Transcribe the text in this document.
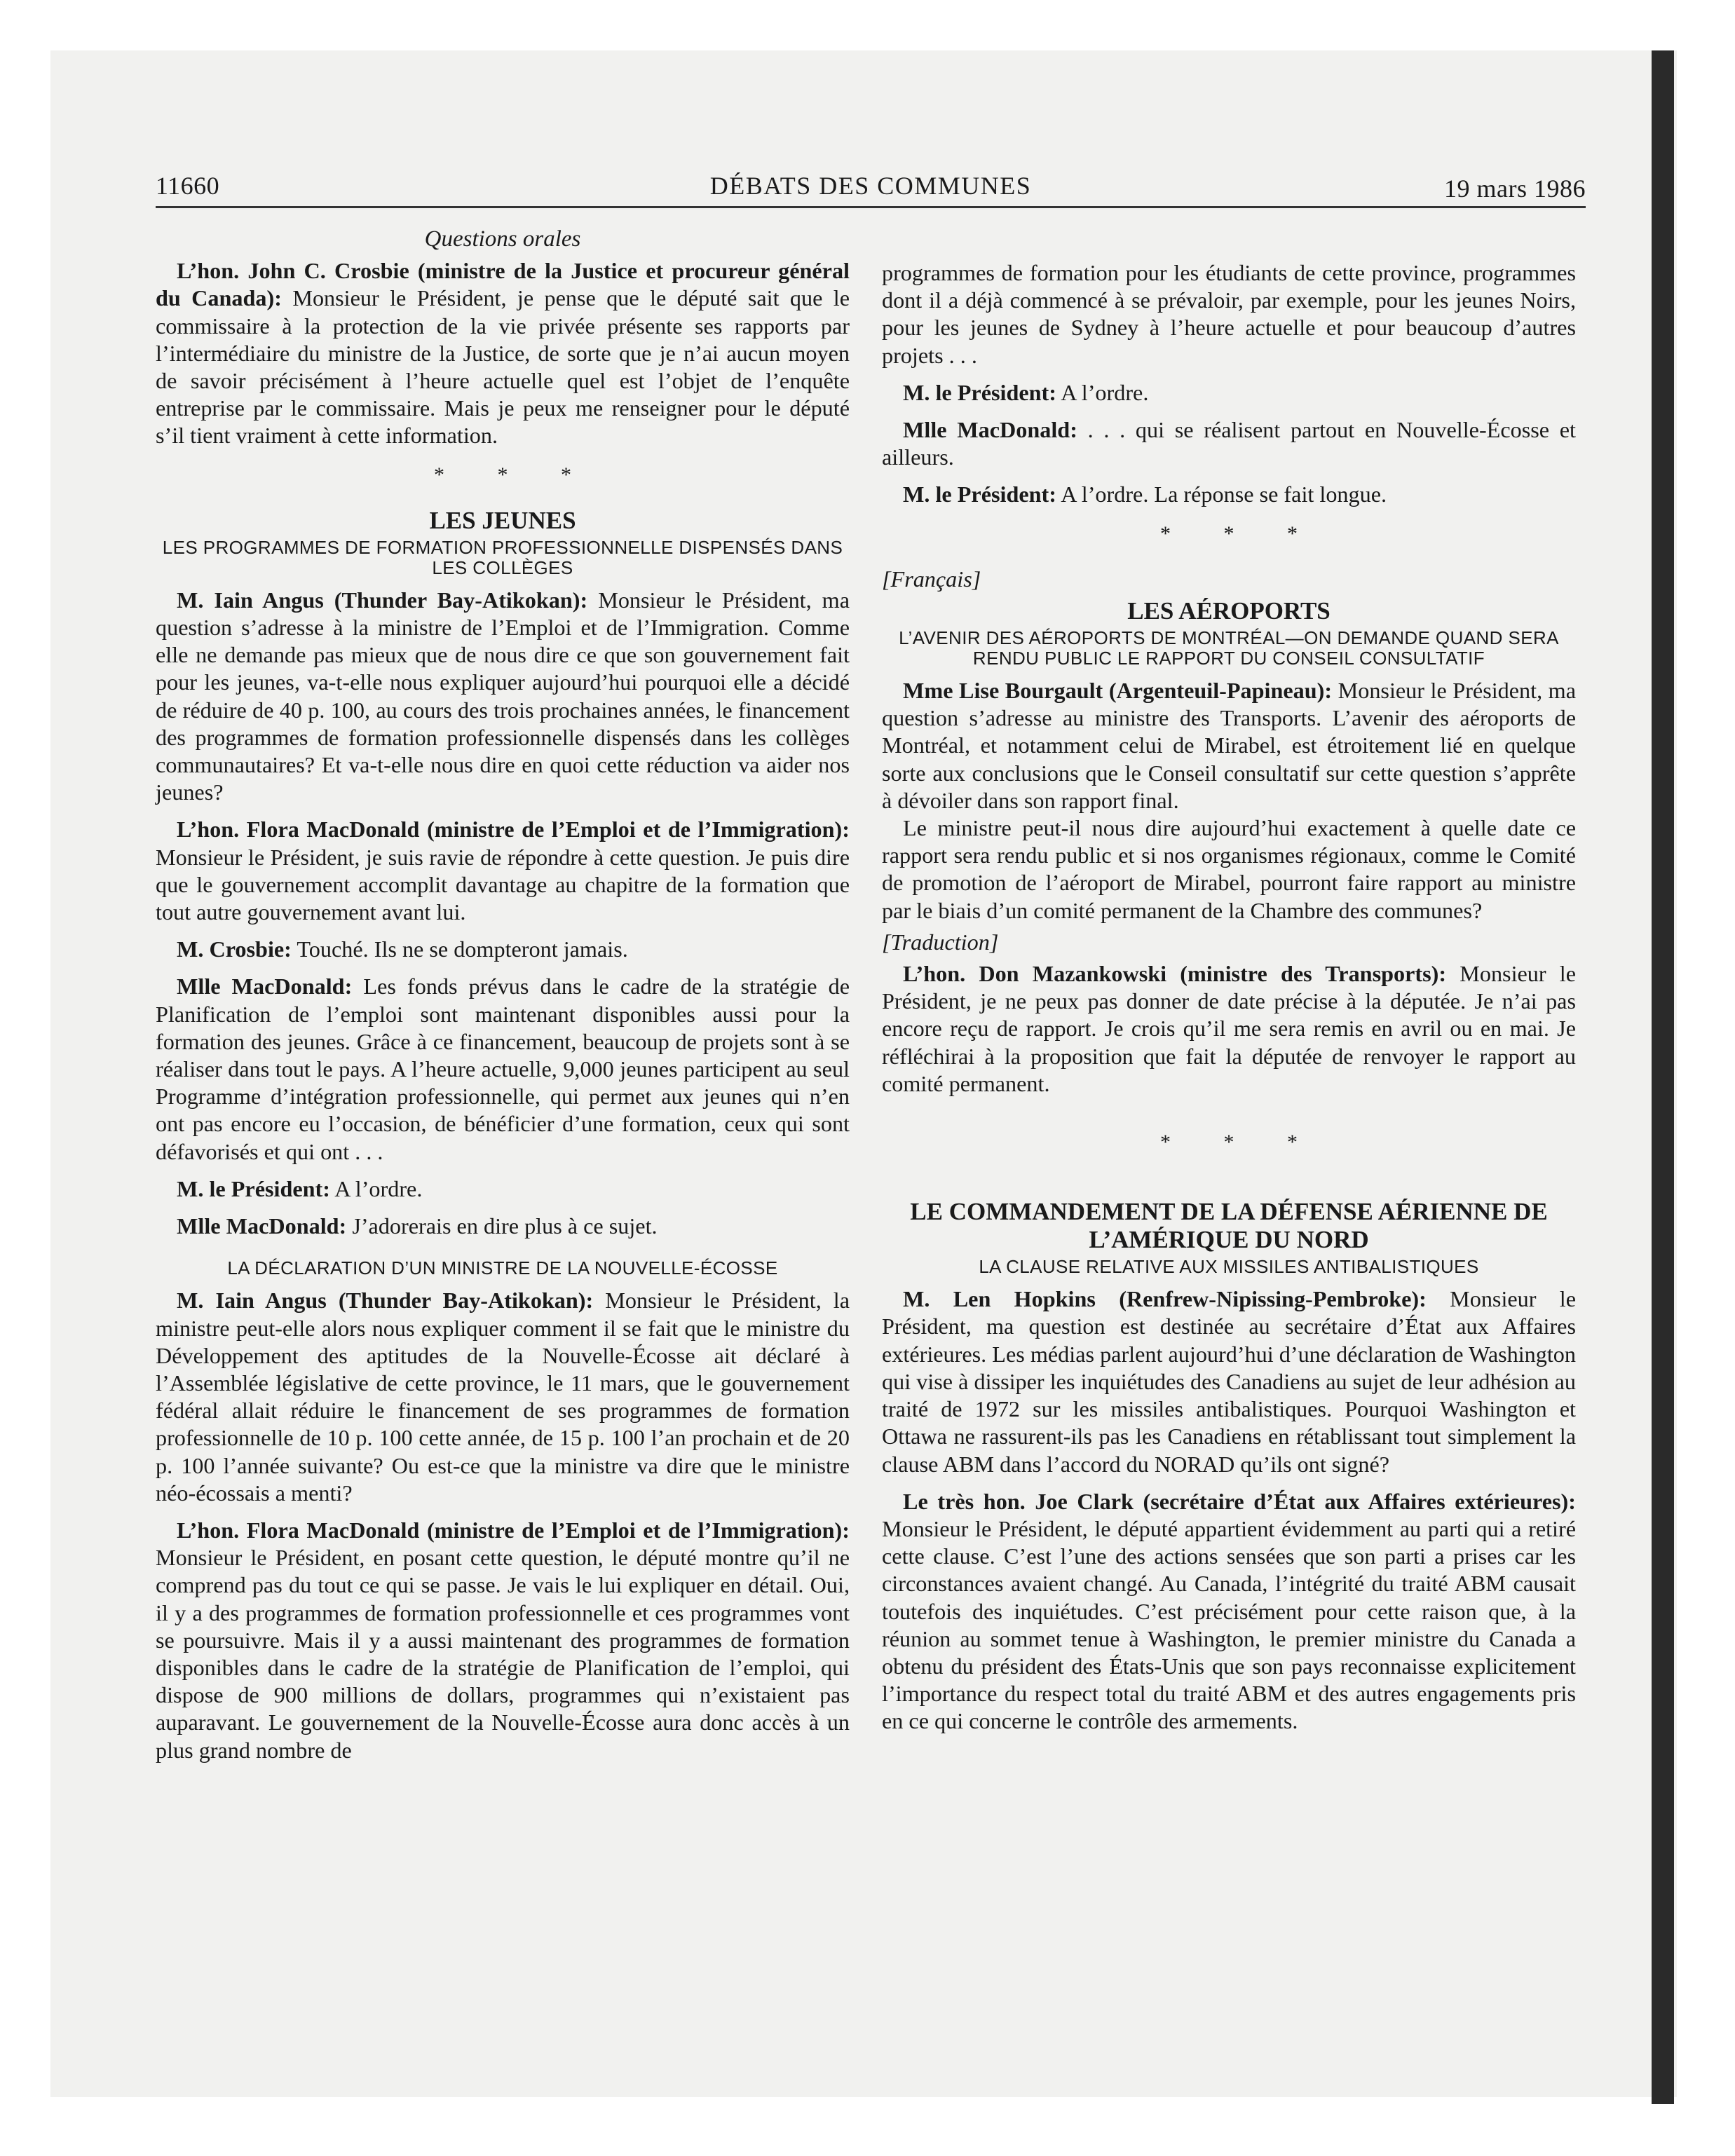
11660	DÉBATS DES COMMUNES	19 mars 1986
Questions orales

L’hon. John C. Crosbie (ministre de la Justice et procureur général du Canada): Monsieur le Président, je pense que le député sait que le commissaire à la protection de la vie privée présente ses rapports par l’intermédiaire du ministre de la Justice, de sorte que je n’ai aucun moyen de savoir précisément à l’heure actuelle quel est l’objet de l’enquête entreprise par le commissaire. Mais je peux me renseigner pour le député s’il tient vraiment à cette information.

* * *
LES JEUNES
LES PROGRAMMES DE FORMATION PROFESSIONNELLE DISPENSÉS DANS LES COLLÈGES

M. Iain Angus (Thunder Bay-Atikokan): Monsieur le Président, ma question s’adresse à la ministre de l’Emploi et de l’Immigration. Comme elle ne demande pas mieux que de nous dire ce que son gouvernement fait pour les jeunes, va-t-elle nous expliquer aujourd’hui pourquoi elle a décidé de réduire de 40 p. 100, au cours des trois prochaines années, le financement des programmes de formation professionnelle dispensés dans les collèges communautaires? Et va-t-elle nous dire en quoi cette réduction va aider nos jeunes?

L’hon. Flora MacDonald (ministre de l’Emploi et de l’Immigration): Monsieur le Président, je suis ravie de répondre à cette question. Je puis dire que le gouvernement accomplit davantage au chapitre de la formation que tout autre gouvernement avant lui.

M. Crosbie: Touché. Ils ne se dompteront jamais.

Mlle MacDonald: Les fonds prévus dans le cadre de la stratégie de Planification de l’emploi sont maintenant disponibles aussi pour la formation des jeunes. Grâce à ce financement, beaucoup de projets sont à se réaliser dans tout le pays. A l’heure actuelle, 9,000 jeunes participent au seul Programme d’intégration professionnelle, qui permet aux jeunes qui n’en ont pas encore eu l’occasion, de bénéficier d’une formation, ceux qui sont défavorisés et qui ont . . .

M. le Président: A l’ordre.

Mlle MacDonald: J’adorerais en dire plus à ce sujet.

LA DÉCLARATION D’UN MINISTRE DE LA NOUVELLE-ÉCOSSE

M. Iain Angus (Thunder Bay-Atikokan): Monsieur le Président, la ministre peut-elle alors nous expliquer comment il se fait que le ministre du Développement des aptitudes de la Nouvelle-Écosse ait déclaré à l’Assemblée législative de cette province, le 11 mars, que le gouvernement fédéral allait réduire le financement de ses programmes de formation professionnelle de 10 p. 100 cette année, de 15 p. 100 l’an prochain et de 20 p. 100 l’année suivante? Ou est-ce que la ministre va dire que le ministre néo-écossais a menti?

L’hon. Flora MacDonald (ministre de l’Emploi et de l’Immigration): Monsieur le Président, en posant cette question, le député montre qu’il ne comprend pas du tout ce qui se passe. Je vais le lui expliquer en détail. Oui, il y a des programmes de formation professionnelle et ces programmes vont se poursuivre. Mais il y a aussi maintenant des programmes de formation disponibles dans le cadre de la stratégie de Planification de l’emploi, qui dispose de 900 millions de dollars, programmes qui n’existaient pas auparavant. Le gouvernement de la Nouvelle-Écosse aura donc accès à un plus grand nombre de

programmes de formation pour les étudiants de cette province, programmes dont il a déjà commencé à se prévaloir, par exemple, pour les jeunes Noirs, pour les jeunes de Sydney à l’heure actuelle et pour beaucoup d’autres projets . . .

M. le Président: A l’ordre.

Mlle MacDonald: . . . qui se réalisent partout en Nouvelle-Écosse et ailleurs.

M. le Président: A l’ordre. La réponse se fait longue.

* * *
[Français]
LES AÉROPORTS
L’AVENIR DES AÉROPORTS DE MONTRÉAL—ON DEMANDE QUAND SERA RENDU PUBLIC LE RAPPORT DU CONSEIL CONSULTATIF

Mme Lise Bourgault (Argenteuil-Papineau): Monsieur le Président, ma question s’adresse au ministre des Transports. L’avenir des aéroports de Montréal, et notamment celui de Mirabel, est étroitement lié en quelque sorte aux conclusions que le Conseil consultatif sur cette question s’apprête à dévoiler dans son rapport final.

Le ministre peut-il nous dire aujourd’hui exactement à quelle date ce rapport sera rendu public et si nos organismes régionaux, comme le Comité de promotion de l’aéroport de Mirabel, pourront faire rapport au ministre par le biais d’un comité permanent de la Chambre des communes?

[Traduction]

L’hon. Don Mazankowski (ministre des Transports): Monsieur le Président, je ne peux pas donner de date précise à la députée. Je n’ai pas encore reçu de rapport. Je crois qu’il me sera remis en avril ou en mai. Je réfléchirai à la proposition que fait la députée de renvoyer le rapport au comité permanent.

* * *
LE COMMANDEMENT DE LA DÉFENSE AÉRIENNE DE L’AMÉRIQUE DU NORD
LA CLAUSE RELATIVE AUX MISSILES ANTIBALISTIQUES

M. Len Hopkins (Renfrew-Nipissing-Pembroke): Monsieur le Président, ma question est destinée au secrétaire d’État aux Affaires extérieures. Les médias parlent aujourd’hui d’une déclaration de Washington qui vise à dissiper les inquiétudes des Canadiens au sujet de leur adhésion au traité de 1972 sur les missiles antibalistiques. Pourquoi Washington et Ottawa ne rassurent-ils pas les Canadiens en rétablissant tout simplement la clause ABM dans l’accord du NORAD qu’ils ont signé?

Le très hon. Joe Clark (secrétaire d’État aux Affaires extérieures): Monsieur le Président, le député appartient évidemment au parti qui a retiré cette clause. C’est l’une des actions sensées que son parti a prises car les circonstances avaient changé. Au Canada, l’intégrité du traité ABM causait toutefois des inquiétudes. C’est précisément pour cette raison que, à la réunion au sommet tenue à Washington, le premier ministre du Canada a obtenu du président des États-Unis que son pays reconnaisse explicitement l’importance du respect total du traité ABM et des autres engagements pris en ce qui concerne le contrôle des armements.
